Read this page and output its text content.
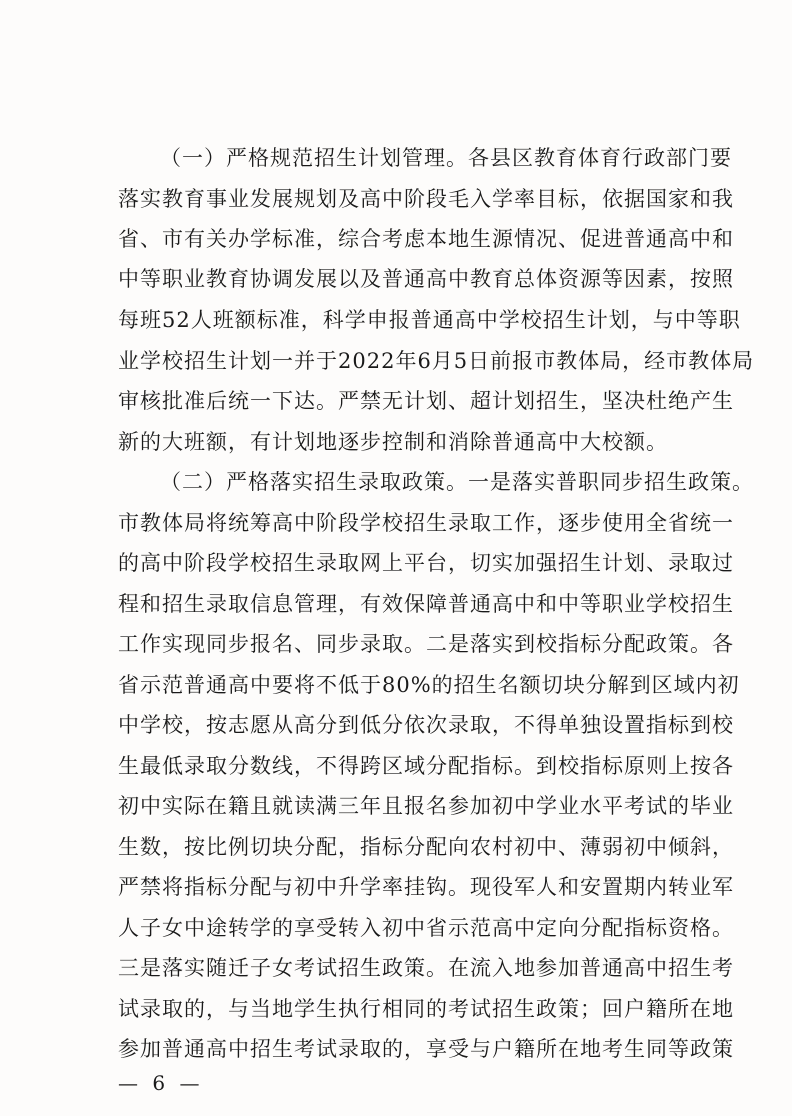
（一）严格规范招生计划管理。各县区教育体育行政部门要
落实教育事业发展规划及高中阶段毛入学率目标，依据国家和我
省、市有关办学标准，综合考虑本地生源情况、促进普通高中和
中等职业教育协调发展以及普通高中教育总体资源等因素，按照
每班52人班额标准，科学申报普通高中学校招生计划，与中等职
业学校招生计划一并于2022年6月5日前报市教体局，经市教体局
审核批准后统一下达。严禁无计划、超计划招生，坚决杜绝产生
新的大班额，有计划地逐步控制和消除普通高中大校额。
（二）严格落实招生录取政策。一是落实普职同步招生政策。
市教体局将统筹高中阶段学校招生录取工作，逐步使用全省统一
的高中阶段学校招生录取网上平台，切实加强招生计划、录取过
程和招生录取信息管理，有效保障普通高中和中等职业学校招生
工作实现同步报名、同步录取。二是落实到校指标分配政策。各
省示范普通高中要将不低于80%的招生名额切块分解到区域内初
中学校，按志愿从高分到低分依次录取，不得单独设置指标到校
生最低录取分数线，不得跨区域分配指标。到校指标原则上按各
初中实际在籍且就读满三年且报名参加初中学业水平考试的毕业
生数，按比例切块分配，指标分配向农村初中、薄弱初中倾斜，
严禁将指标分配与初中升学率挂钩。现役军人和安置期内转业军
人子女中途转学的享受转入初中省示范高中定向分配指标资格。
三是落实随迁子女考试招生政策。在流入地参加普通高中招生考
试录取的，与当地学生执行相同的考试招生政策；回户籍所在地
参加普通高中招生考试录取的，享受与户籍所在地考生同等政策
— 6 —
